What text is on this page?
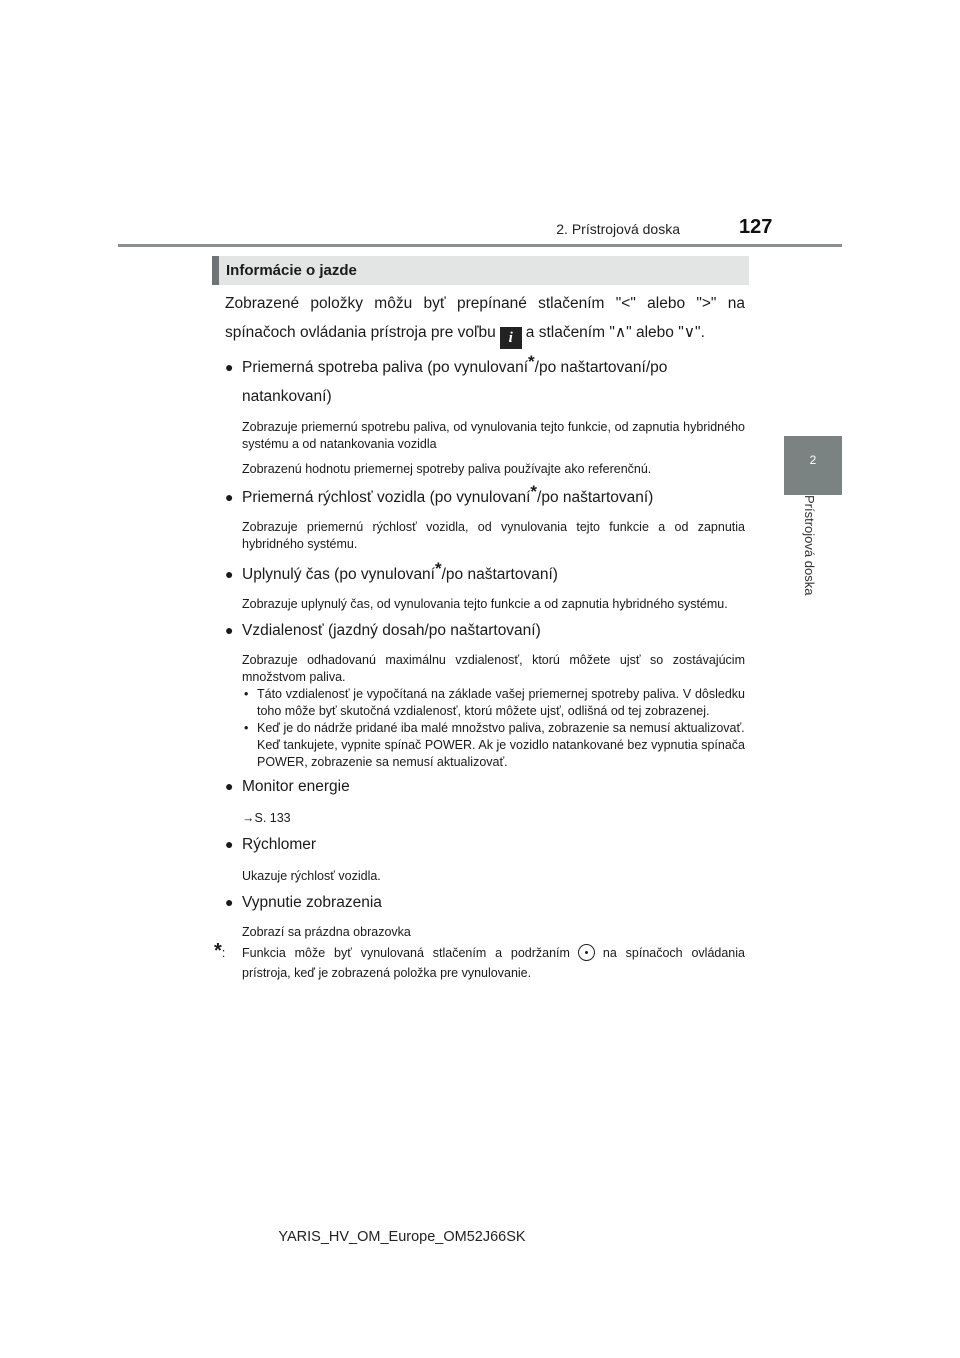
2. Prístrojová doska	127
2
Prístrojová doska
Informácie o jazde

Zobrazené položky môžu byť prepínané stlačením "<" alebo ">" na spínačoch ovládania prístroja pre voľbu i a stlačením "∧" alebo "∨".

● Priemerná spotreba paliva (po vynulovaní*/po naštartovaní/po natankovaní)

Zobrazuje priemernú spotrebu paliva, od vynulovania tejto funkcie, od zapnutia hybridného systému a od natankovania vozidla

Zobrazenú hodnotu priemernej spotreby paliva používajte ako referenčnú.

● Priemerná rýchlosť vozidla (po vynulovaní*/po naštartovaní)

Zobrazuje priemernú rýchlosť vozidla, od vynulovania tejto funkcie a od zapnutia hybridného systému.

● Uplynulý čas (po vynulovaní*/po naštartovaní)

Zobrazuje uplynulý čas, od vynulovania tejto funkcie a od zapnutia hybridného systému.

● Vzdialenosť (jazdný dosah/po naštartovaní)

Zobrazuje odhadovanú maximálnu vzdialenosť, ktorú môžete ujsť so zostávajúcim množstvom paliva.

• Táto vzdialenosť je vypočítaná na základe vašej priemernej spotreby paliva. V dôsledku toho môže byť skutočná vzdialenosť, ktorú môžete ujsť, odlišná od tej zobrazenej.

• Keď je do nádrže pridané iba malé množstvo paliva, zobrazenie sa nemusí aktualizovať.
Keď tankujete, vypnite spínač POWER. Ak je vozidlo natankované bez vypnutia spínača POWER, zobrazenie sa nemusí aktualizovať.

● Monitor energie

→S. 133

● Rýchlomer

Ukazuje rýchlosť vozidla.

● Vypnutie zobrazenia

Zobrazí sa prázdna obrazovka

*: Funkcia môže byť vynulovaná stlačením a podržaním	na spínačoch ovládania prístroja, keď je zobrazená položka pre vynulovanie.

YARIS_HV_OM_Europe_OM52J66SK
